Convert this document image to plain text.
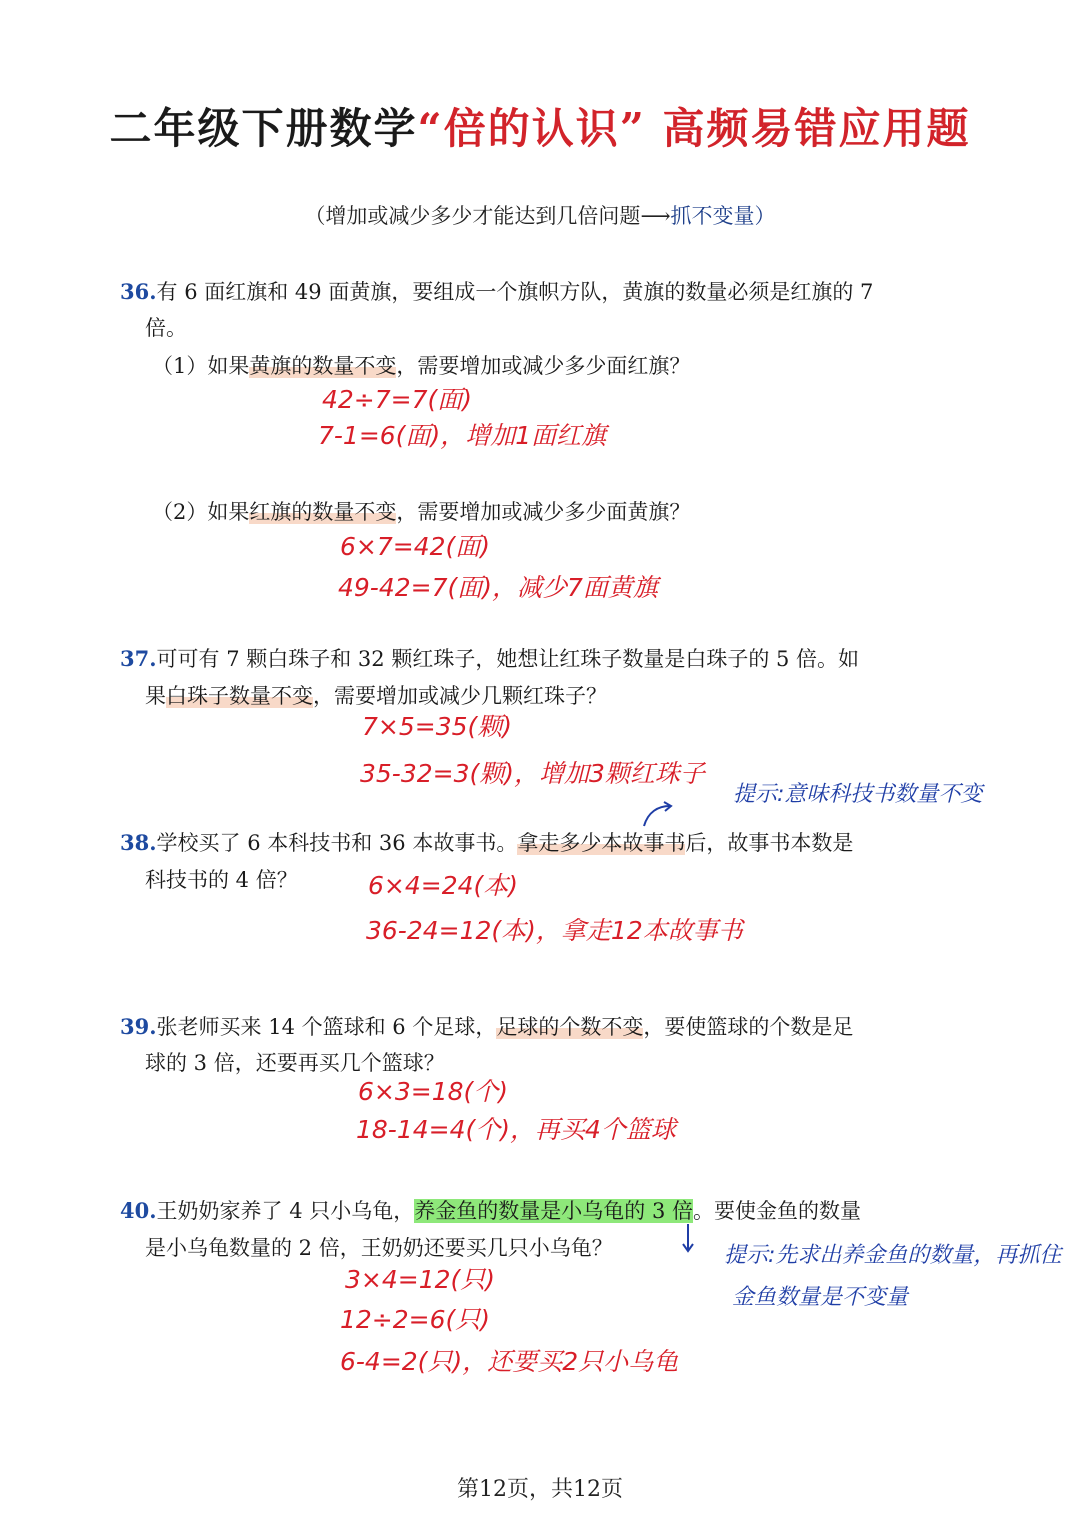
二年级下册数学“倍的认识” 高频易错应用题
（增加或减少多少才能达到几倍问题⟶抓不变量）
36.有 6 面红旗和 49 面黄旗，要组成一个旗帜方队，黄旗的数量必须是红旗的 7
倍。
（1）如果黄旗的数量不变，需要增加或减少多少面红旗？
42÷7=7(面)
7-1=6(面)，增加1面红旗
（2）如果红旗的数量不变，需要增加或减少多少面黄旗？
6×7=42(面)
49-42=7(面)，减少7面黄旗
37.可可有 7 颗白珠子和 32 颗红珠子，她想让红珠子数量是白珠子的 5 倍。如
果白珠子数量不变，需要增加或减少几颗红珠子？
7×5=35(颗)
35-32=3(颗)，增加3颗红珠子
提示:意味科技书数量不变
38.学校买了 6 本科技书和 36 本故事书。拿走多少本故事书后，故事书本数是
科技书的 4 倍？	6×4=24(本)
36-24=12(本)，拿走12本故事书
39.张老师买来 14 个篮球和 6 个足球，足球的个数不变，要使篮球的个数是足
球的 3 倍，还要再买几个篮球？
6×3=18(个)
18-14=4(个)，再买4个篮球
40.王奶奶家养了 4 只小乌龟，养金鱼的数量是小乌龟的 3 倍。要使金鱼的数量
是小乌龟数量的 2 倍，王奶奶还要买几只小乌龟？	提示:先求出养金鱼的数量，再抓住
金鱼数量是不变量
3×4=12(只)
12÷2=6(只)
6-4=2(只)，还要买2只小乌龟
第12页，共12页
